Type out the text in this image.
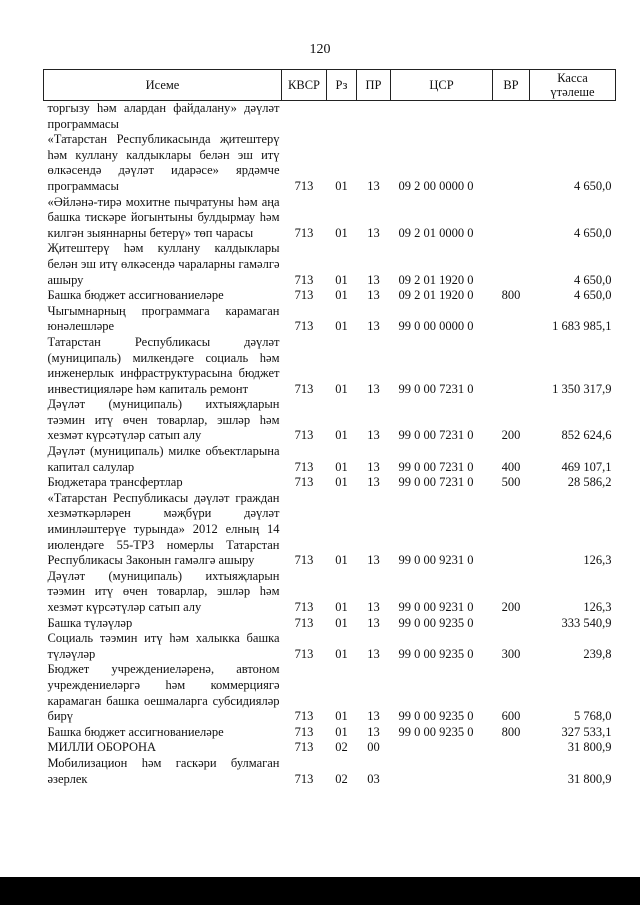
120
Исеме	КВСР	Рз	ПР	ЦСР	ВР	Касса
үтәлеше
торгызу һәм алардан файдалану» дәүләт программасы						
«Татарстан Республикасында җитештерү һәм куллану калдыклары белән эш итү өлкәсендә дәүләт идарәсе» ярдәмче программасы	713	01	13	09 2 00 0000 0		4 650,0
«Әйләнә-тирә мохитне пычратуны һәм аңа башка тискәре йогынтыны булдырмау һәм килгән зыяннарны бетерү» төп чарасы	713	01	13	09 2 01 0000 0		4 650,0
Җитештерү һәм куллану калдыклары белән эш итү өлкәсендә чараларны гамәлгә ашыру	713	01	13	09 2 01 1920 0		4 650,0
Башка бюджет ассигнованиеләре	713	01	13	09 2 01 1920 0	800	4 650,0
Чыгымнарның программага карамаган юнәлешләре	713	01	13	99 0 00 0000 0		1 683 985,1
Татарстан Республикасы дәүләт (муниципаль) милкендәге социаль һәм инженерлык инфраструктурасына бюджет инвестицияләре һәм капиталь ремонт	713	01	13	99 0 00 7231 0		1 350 317,9
Дәүләт (муниципаль) ихтыяҗларын тәэмин итү өчен товарлар, эшләр һәм хезмәт күрсәтүләр сатып алу	713	01	13	99 0 00 7231 0	200	852 624,6
Дәүләт (муниципаль) милке объектларына капитал салулар	713	01	13	99 0 00 7231 0	400	469 107,1
Бюджетара трансфертлар	713	01	13	99 0 00 7231 0	500	28 586,2
«Татарстан Республикасы дәүләт граждан хезмәткәрләрен мәҗбүри дәүләт иминләштерүе турында» 2012 елның 14 июлендәге 55-ТРЗ номерлы Татарстан Республикасы Законын гамәлгә ашыру	713	01	13	99 0 00 9231 0		126,3
Дәүләт (муниципаль) ихтыяҗларын тәэмин итү өчен товарлар, эшләр һәм хезмәт күрсәтүләр сатып алу	713	01	13	99 0 00 9231 0	200	126,3
Башка түләүләр	713	01	13	99 0 00 9235 0		333 540,9
Социаль тәэмин итү һәм халыкка башка түләүләр	713	01	13	99 0 00 9235 0	300	239,8
Бюджет учреждениеләренә, автоном учреждениеләргә һәм коммерциягә карамаган башка оешмаларга субсидияләр бирү	713	01	13	99 0 00 9235 0	600	5 768,0
Башка бюджет ассигнованиеләре	713	01	13	99 0 00 9235 0	800	327 533,1
МИЛЛИ ОБОРОНА	713	02	00			31 800,9
Мобилизацион һәм гаскәри булмаган әзерлек	713	02	03			31 800,9
